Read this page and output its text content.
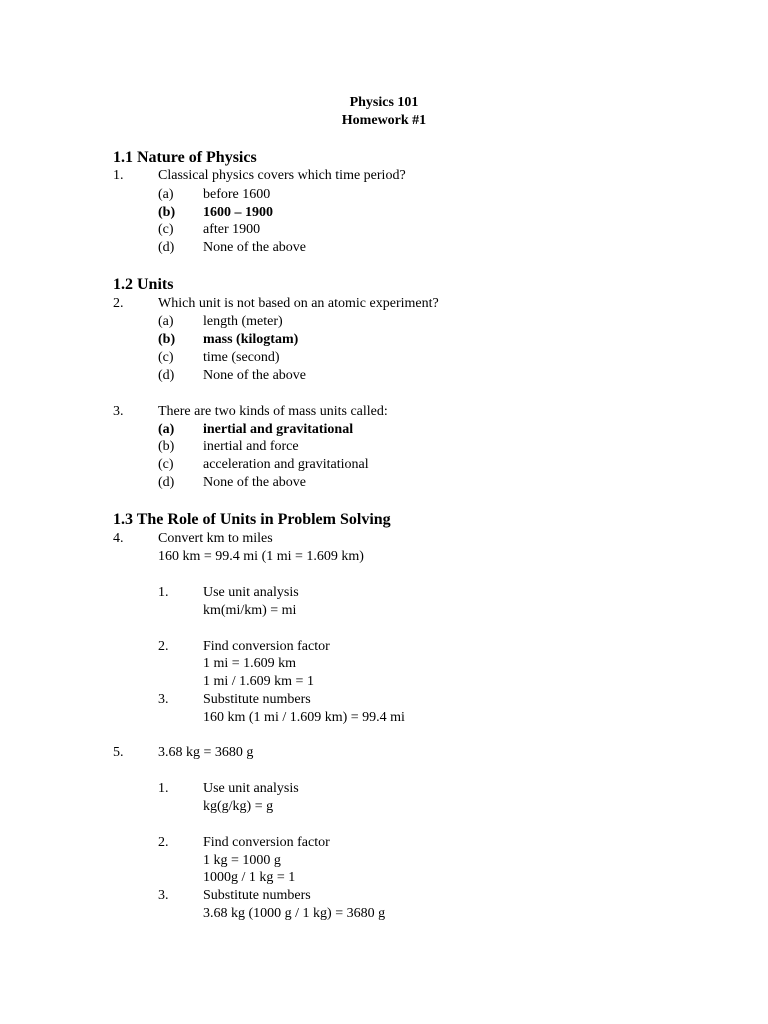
Physics 101
Homework #1
1.1 Nature of Physics
1. Classical physics covers which time period?
(a) before 1600
(b) 1600 – 1900
(c) after 1900
(d) None of the above
1.2 Units
2. Which unit is not based on an atomic experiment?
(a) length (meter)
(b) mass (kilogtam)
(c) time (second)
(d) None of the above
3. There are two kinds of mass units called:
(a) inertial and gravitational
(b) inertial and force
(c) acceleration and gravitational
(d) None of the above
1.3 The Role of Units in Problem Solving
4. Convert km to miles
160 km = 99.4 mi (1 mi = 1.609 km)
1. Use unit analysis
km(mi/km) = mi
2. Find conversion factor
1 mi = 1.609 km
1 mi / 1.609 km = 1
3. Substitute numbers
160 km (1 mi / 1.609 km) = 99.4 mi
5. 3.68 kg = 3680 g
1. Use unit analysis
kg(g/kg) = g
2. Find conversion factor
1 kg = 1000 g
1000g / 1 kg = 1
3. Substitute numbers
3.68 kg (1000 g / 1 kg) = 3680 g
